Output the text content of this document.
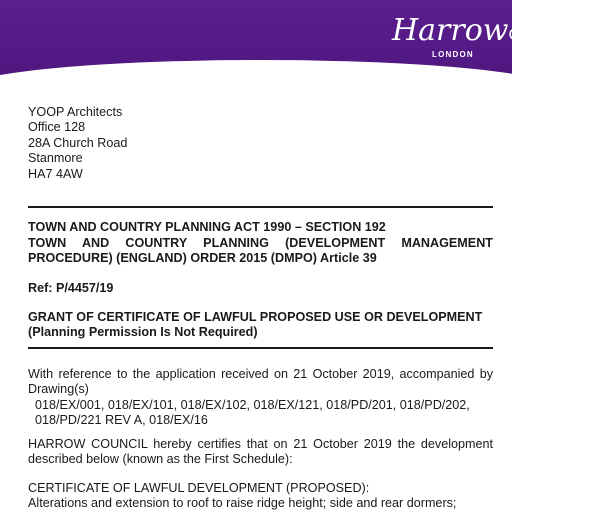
HarrowCOUNCIL
LONDON
YOOP Architects
Office 128
28A Church Road
Stanmore
HA7 4AW
TOWN AND COUNTRY PLANNING ACT 1990 – SECTION 192
TOWN AND COUNTRY PLANNING (DEVELOPMENT MANAGEMENT
PROCEDURE) (ENGLAND) ORDER 2015 (DMPO) Article 39
Ref: P/4457/19
GRANT OF CERTIFICATE OF LAWFUL PROPOSED USE OR DEVELOPMENT
(Planning Permission Is Not Required)
With reference to the application received on 21 October 2019, accompanied by
Drawing(s)
018/EX/001, 018/EX/101, 018/EX/102, 018/EX/121, 018/PD/201, 018/PD/202,
018/PD/221 REV A, 018/EX/16
HARROW COUNCIL hereby certifies that on 21 October 2019 the development
described below (known as the First Schedule):
CERTIFICATE OF LAWFUL DEVELOPMENT (PROPOSED):
Alterations and extension to roof to raise ridge height; side and rear dormers;
